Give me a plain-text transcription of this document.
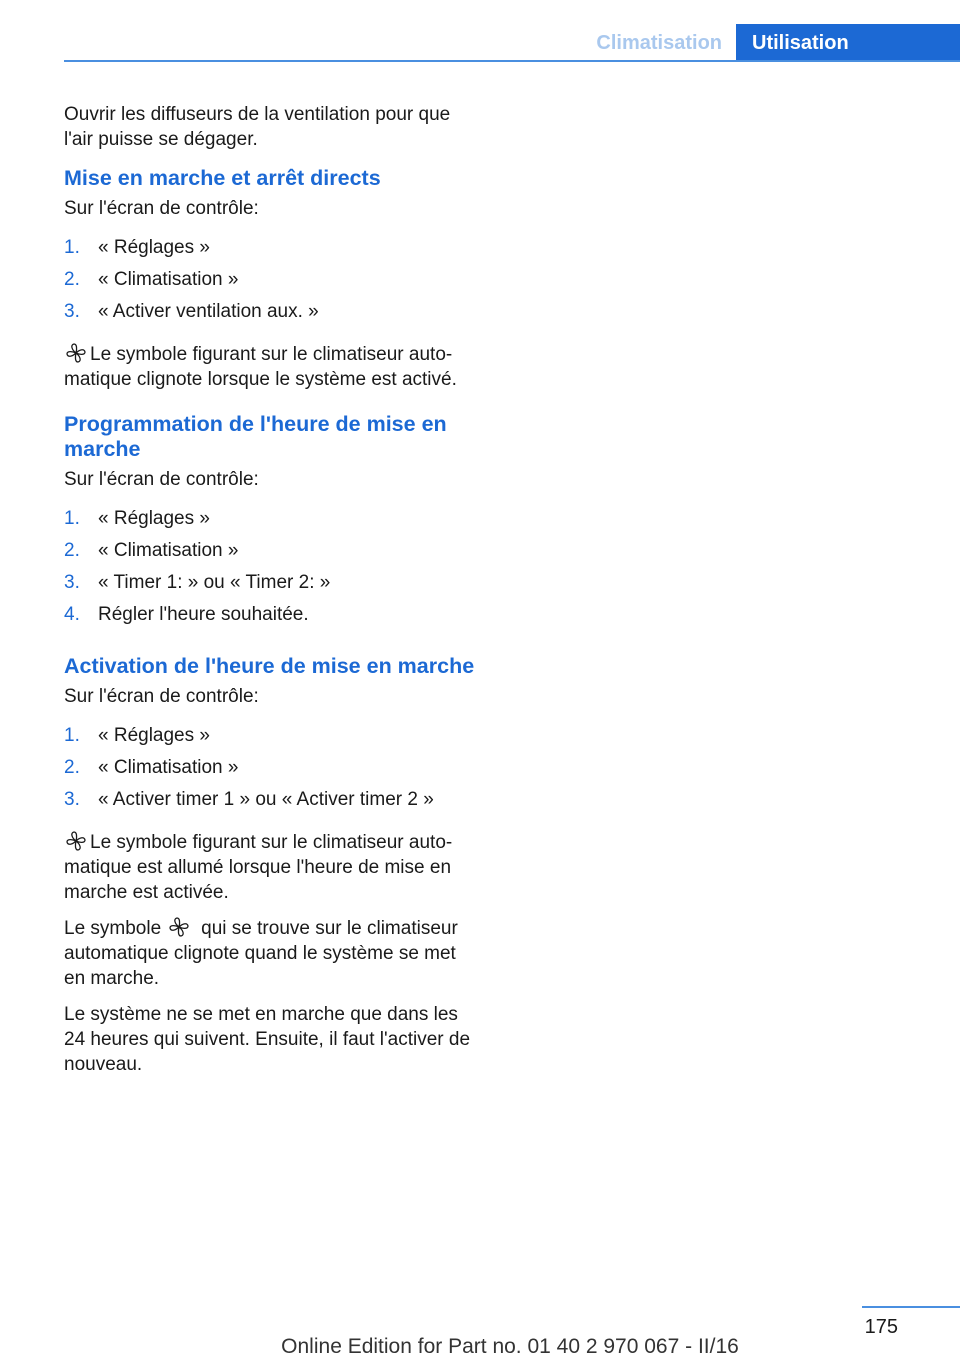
Climatisation	Utilisation

Ouvrir les diffuseurs de la ventilation pour que l'air puisse se dégager.

Mise en marche et arrêt directs

Sur l'écran de contrôle:

1. « Réglages »
2. « Climatisation »
3. « Activer ventilation aux. »

Le symbole figurant sur le climatiseur auto‐matique clignote lorsque le système est activé.

Programmation de l'heure de mise en marche

Sur l'écran de contrôle:

1. « Réglages »
2. « Climatisation »
3. « Timer 1: » ou « Timer 2: »
4. Régler l'heure souhaitée.
Activation de l'heure de mise en marche

Sur l'écran de contrôle:

1. « Réglages »
2. « Climatisation »
3. « Activer timer 1 » ou « Activer timer 2 »

Le symbole figurant sur le climatiseur auto‐matique est allumé lorsque l'heure de mise en marche est activée.

Le symbole qui se trouve sur le climatiseur automatique clignote quand le système se met en marche.

Le système ne se met en marche que dans les 24 heures qui suivent. Ensuite, il faut l'activer de nouveau.

175
Online Edition for Part no. 01 40 2 970 067 - II/16
